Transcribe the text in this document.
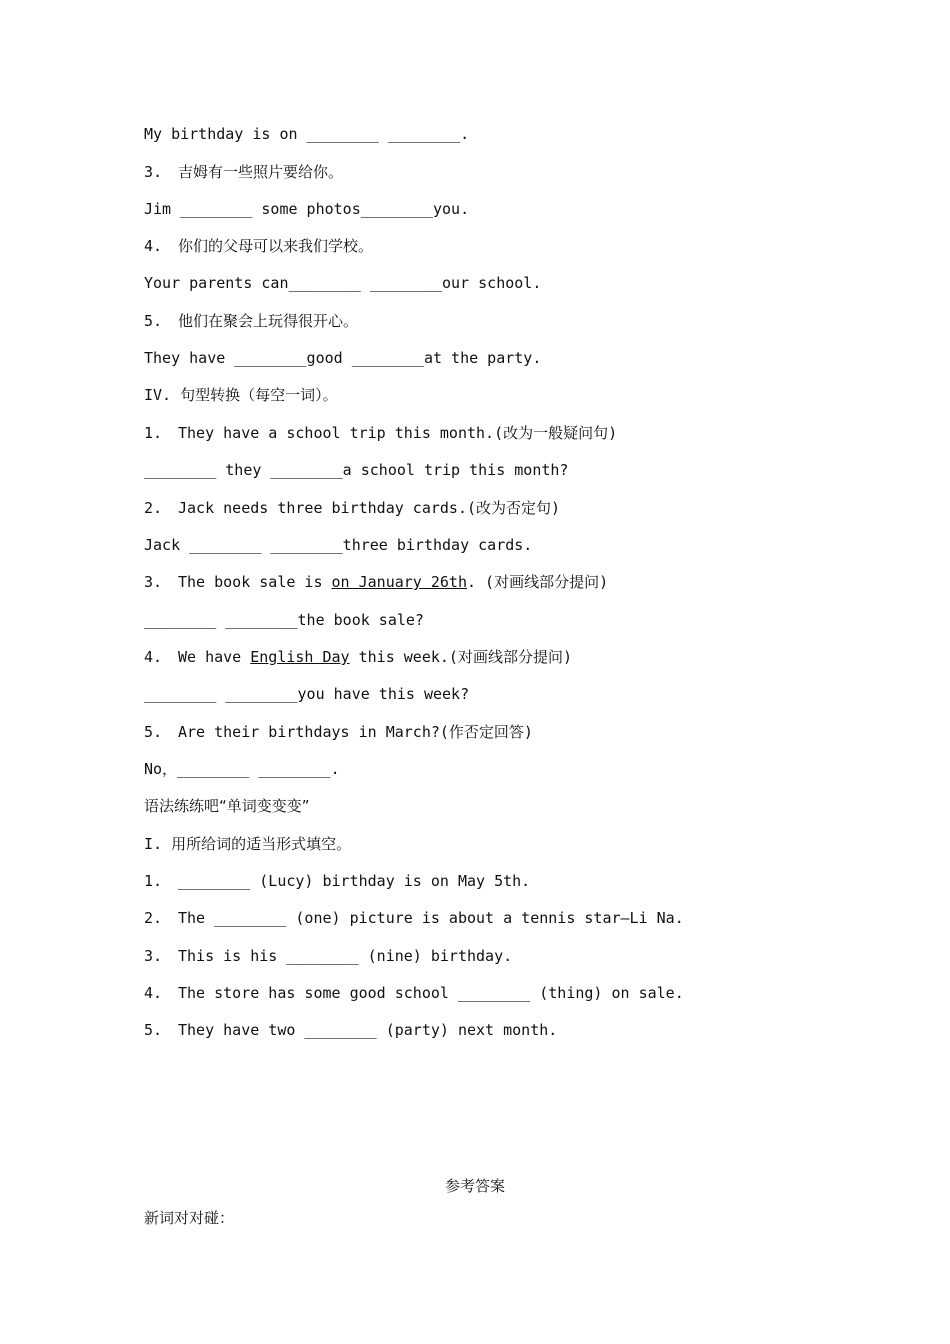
My birthday is on ________ ________.
3. 吉姆有一些照片要给你。
Jim ________ some photos________you.
4. 你们的父母可以来我们学校。
Your parents can________ ________our school.
5. 他们在聚会上玩得很开心。
They have ________good ________at the party.
IV. 句型转换（每空一词）。
1. They have a school trip this month.(改为一般疑问句)
________ they ________a school trip this month?
2. Jack needs three birthday cards.(改为否定句)
Jack ________ ________three birthday cards.
3. The book sale is on January 26th. (对画线部分提问)
________ ________the book sale?
4. We have English Day this week.(对画线部分提问)
________ ________you have this week?
5. Are their birthdays in March?(作否定回答)
No，________ ________.
语法练练吧“单词变变变”
I. 用所给词的适当形式填空。
1. ________ (Lucy) birthday is on May 5th.
2. The ________ (one) picture is about a tennis star—Li Na.
3. This is his ________ (nine) birthday.
4. The store has some good school ________ (thing) on sale.
5. They have two ________ (party) next month.
参考答案
新词对对碰：
